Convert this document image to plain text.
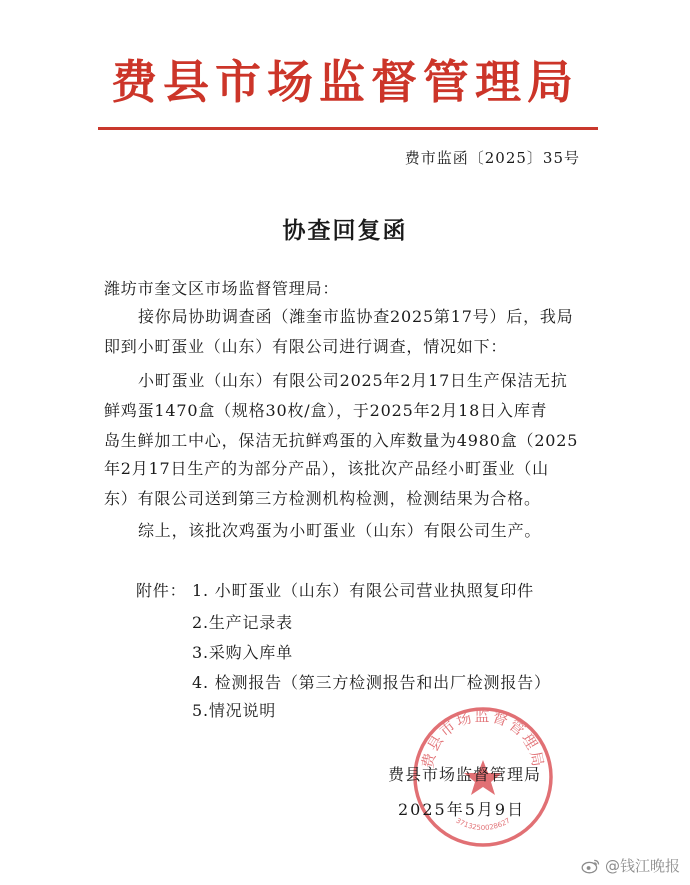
费县市场监督管理局
费市监函〔2025〕35号
协查回复函
潍坊市奎文区市场监督管理局：
接你局协助调查函（潍奎市监协查2025第17号）后，我局
即到小町蛋业（山东）有限公司进行调查，情况如下：
小町蛋业（山东）有限公司2025年2月17日生产保洁无抗
鲜鸡蛋1470盒（规格30枚/盒），于2025年2月18日入库青
岛生鲜加工中心，保洁无抗鲜鸡蛋的入库数量为4980盒（2025
年2月17日生产的为部分产品），该批次产品经小町蛋业（山
东）有限公司送到第三方检测机构检测，检测结果为合格。
综上，该批次鸡蛋为小町蛋业（山东）有限公司生产。
附件： 1. 小町蛋业（山东）有限公司营业执照复印件
2.生产记录表
3.采购入库单
4. 检测报告（第三方检测报告和出厂检测报告）
5.情况说明
费县市场监督管理局
3713250028627
费县市场监督管理局
2025年5月9日
@钱江晚报
